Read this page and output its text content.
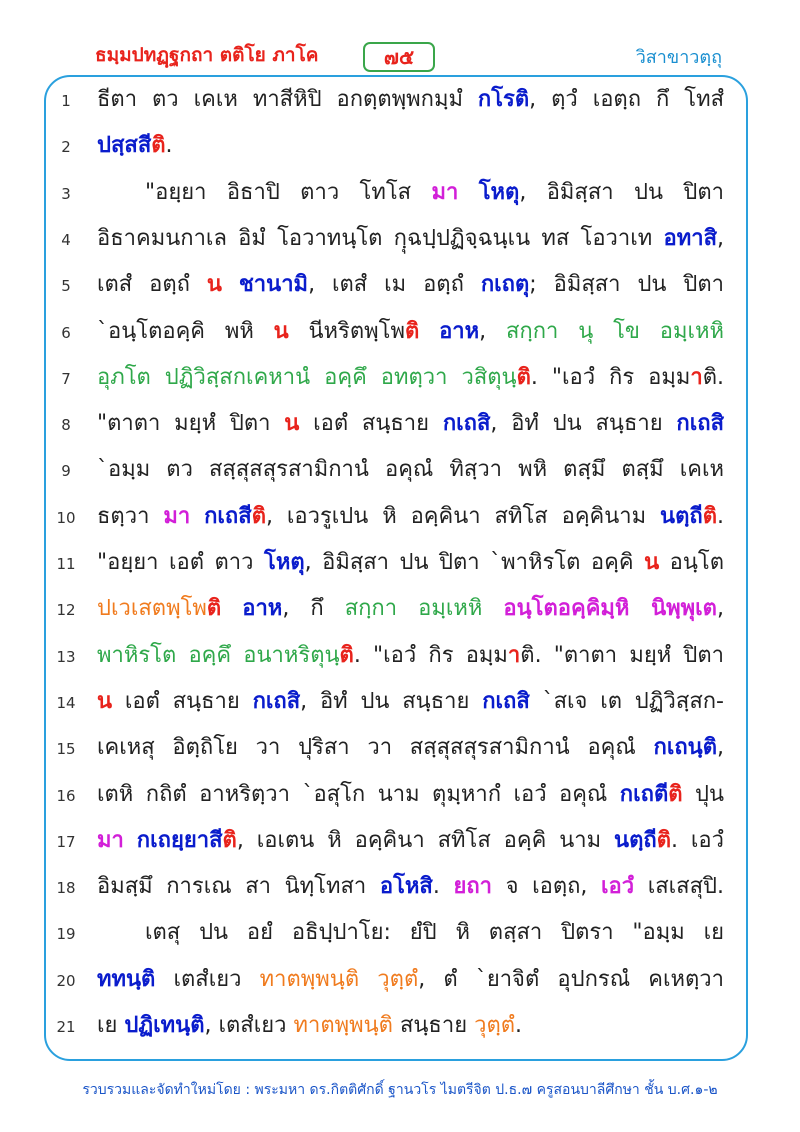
ธมฺมปทฏฺฐกถา ตติโย ภาโค	๗๕	วิสาขาวตฺถุ
1	ธีตา ตว เคเห ทาสีหิปิ อกตฺตพฺพกมฺมํ กโรติ, ตฺวํ เอตฺถ กึ โทสํ
2	ปสฺสสีติ.
3	"อยฺยา อิธาปิ ตาว โทโส มา โหตุ, อิมิสฺสา ปน ปิตา
4	อิธาคมนกาเล อิมํ โอวาทนฺโต กฺุฉปฺปฏิจฺฉนฺเน ทส โอวาเท อทาสิ,
5	เตสํ อตฺถํ น ชานามิ, เตสํ เม อตฺถํ กเถตุ; อิมิสฺสา ปน ปิตา
6	`อนฺโตอคฺคิ พหิ น นีหริตพฺโพติ อาห, สกฺกา นุ โข อมฺเหหิ
7	อุภโต ปฏิวิสฺสกเคหานํ อคฺคึ อทตฺวา วสิตุนฺติ. "เอวํ กิร อมฺมาติ.
8	"ตาตา มยฺหํ ปิตา น เอตํ สนฺธาย กเถสิ, อิทํ ปน สนฺธาย กเถสิ
9	`อมฺม ตว สสฺสุสสุรสามิกานํ อคุณํ ทิสฺวา พหิ ตสฺมึ ตสฺมึ เคเห
10 ธตฺวา มา กเถสีติ, เอวรูเปน หิ อคฺคินา สทิโส อคฺคินาม นตฺถีติ.
11 "อยฺยา เอตํ ตาว โหตุ, อิมิสฺสา ปน ปิตา `พาหิรโต อคฺคิ น อนฺโต
12 ปเวเสตพฺโพติ อาห, กึ สกฺกา อมฺเหหิ อนฺโตอคฺคิมฺหิ นิพฺพุเต,
13 พาหิรโต อคฺคึ อนาหริตุนฺติ. "เอวํ กิร อมฺมาติ. "ตาตา มยฺหํ ปิตา
14 น เอตํ สนฺธาย กเถสิ, อิทํ ปน สนฺธาย กเถสิ `สเจ เต ปฏิวิสฺสก-
15 เคเหสุ อิตฺถิโย วา ปุริสา วา สสฺสุสสุรสามิกานํ อคุณํ กเถนฺติ,
16 เตหิ กถิตํ อาหริตฺวา `อสุโก นาม ตุมฺหากํ เอวํ อคุณํ กเถตีติ ปุน
17 มา กเถยฺยาสีติ, เอเตน หิ อคฺคินา สทิโส อคฺคิ นาม นตฺถีติ. เอวํ
18 อิมสฺมึ การเณ สา นิทฺโทสา อโหสิ. ยถา จ เอตฺถ, เอวํ เสเสสุปิ.
19	เตสุ ปน อยํ อธิปฺปาโย: ยํปิ หิ ตสฺสา ปิตรา "อมฺม เย
20 ททนฺติ เตสํเยว ทาตพฺพนฺติ วุตฺตํ, ตํ `ยาจิตํ อุปกรณํ คเหตฺวา
21 เย ปฏิเทนฺติ, เตสํเยว ทาตพฺพนฺติ สนฺธาย วุตฺตํ.
รวบรวมและจัดทำใหม่โดย : พระมหา ดร.กิตติศักดิ์ ฐานวโร ไมตรีจิต ป.ธ.๗ ครูสอนบาลีศึกษา ชั้น บ.ศ.๑-๒
